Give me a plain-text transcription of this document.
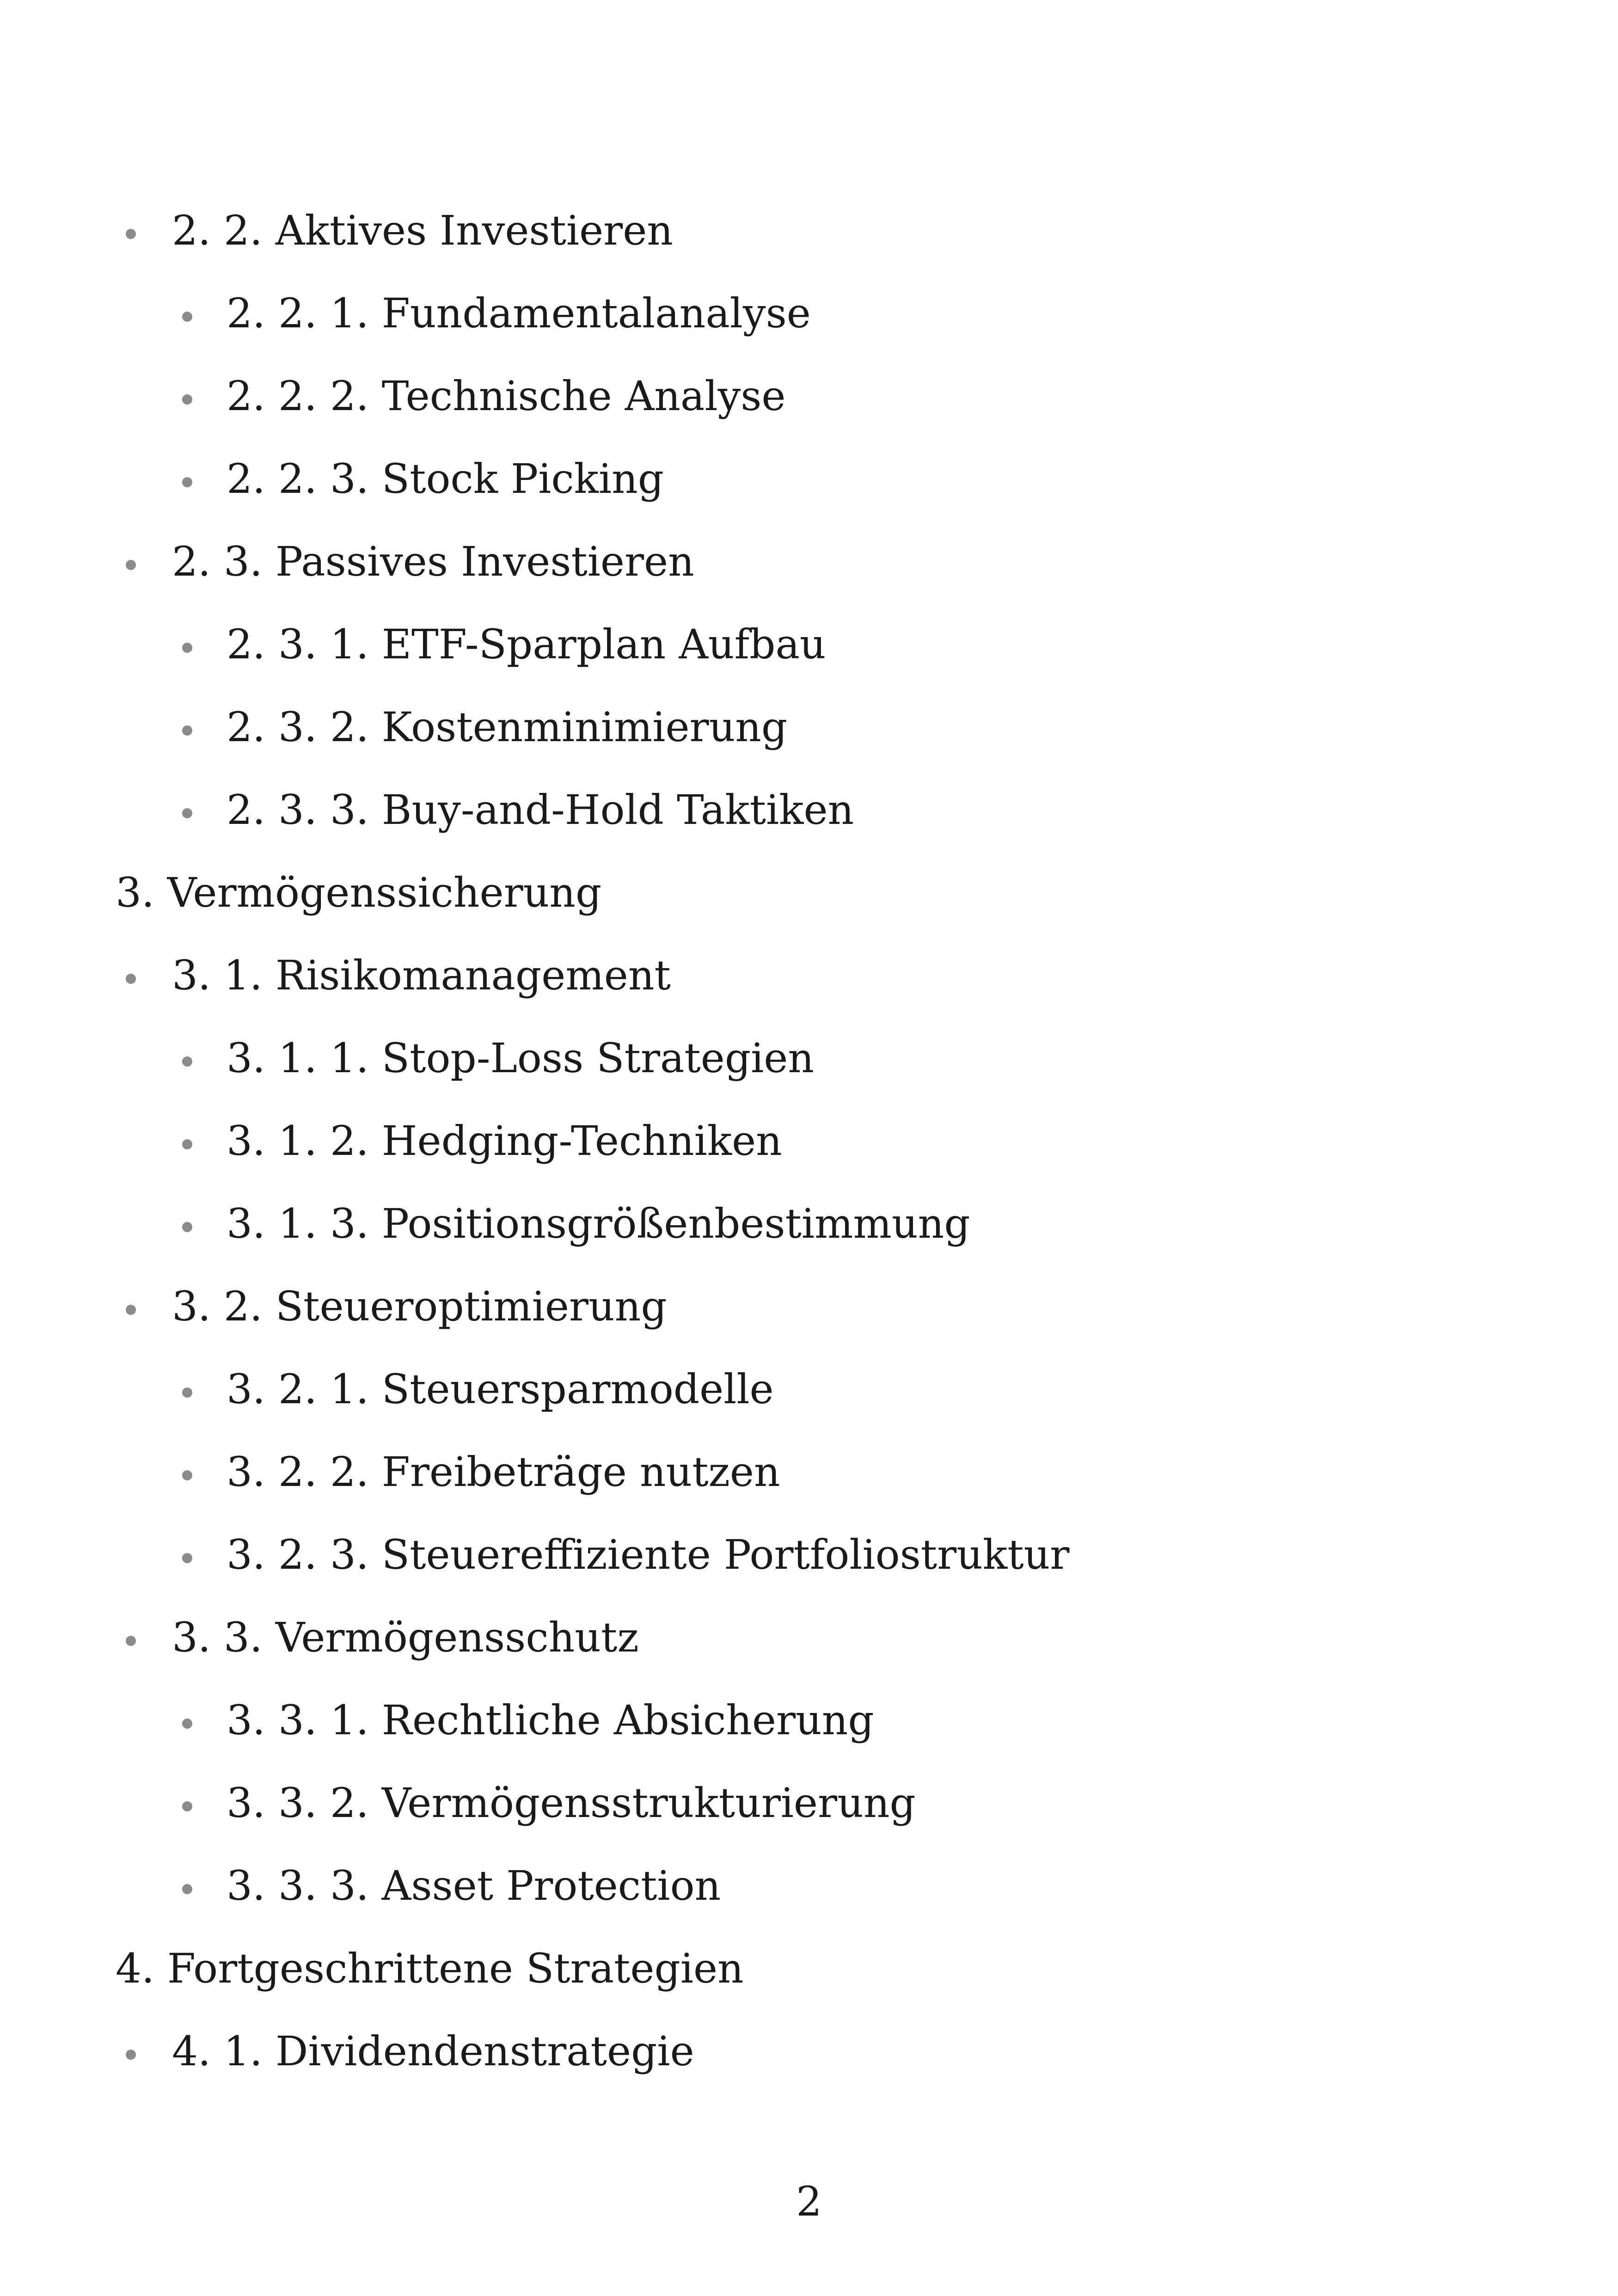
2. 2. Aktives Investieren
2. 2. 1. Fundamentalanalyse
2. 2. 2. Technische Analyse
2. 2. 3. Stock Picking
2. 3. Passives Investieren
2. 3. 1. ETF-Sparplan Aufbau
2. 3. 2. Kostenminimierung
2. 3. 3. Buy-and-Hold Taktiken
3. Vermögenssicherung
3. 1. Risikomanagement
3. 1. 1. Stop-Loss Strategien
3. 1. 2. Hedging-Techniken
3. 1. 3. Positionsgrößenbestimmung
3. 2. Steueroptimierung
3. 2. 1. Steuersparmodelle
3. 2. 2. Freibeträge nutzen
3. 2. 3. Steuereffiziente Portfoliostruktur
3. 3. Vermögensschutz
3. 3. 1. Rechtliche Absicherung
3. 3. 2. Vermögensstrukturierung
3. 3. 3. Asset Protection
4. Fortgeschrittene Strategien
4. 1. Dividendenstrategie
2
